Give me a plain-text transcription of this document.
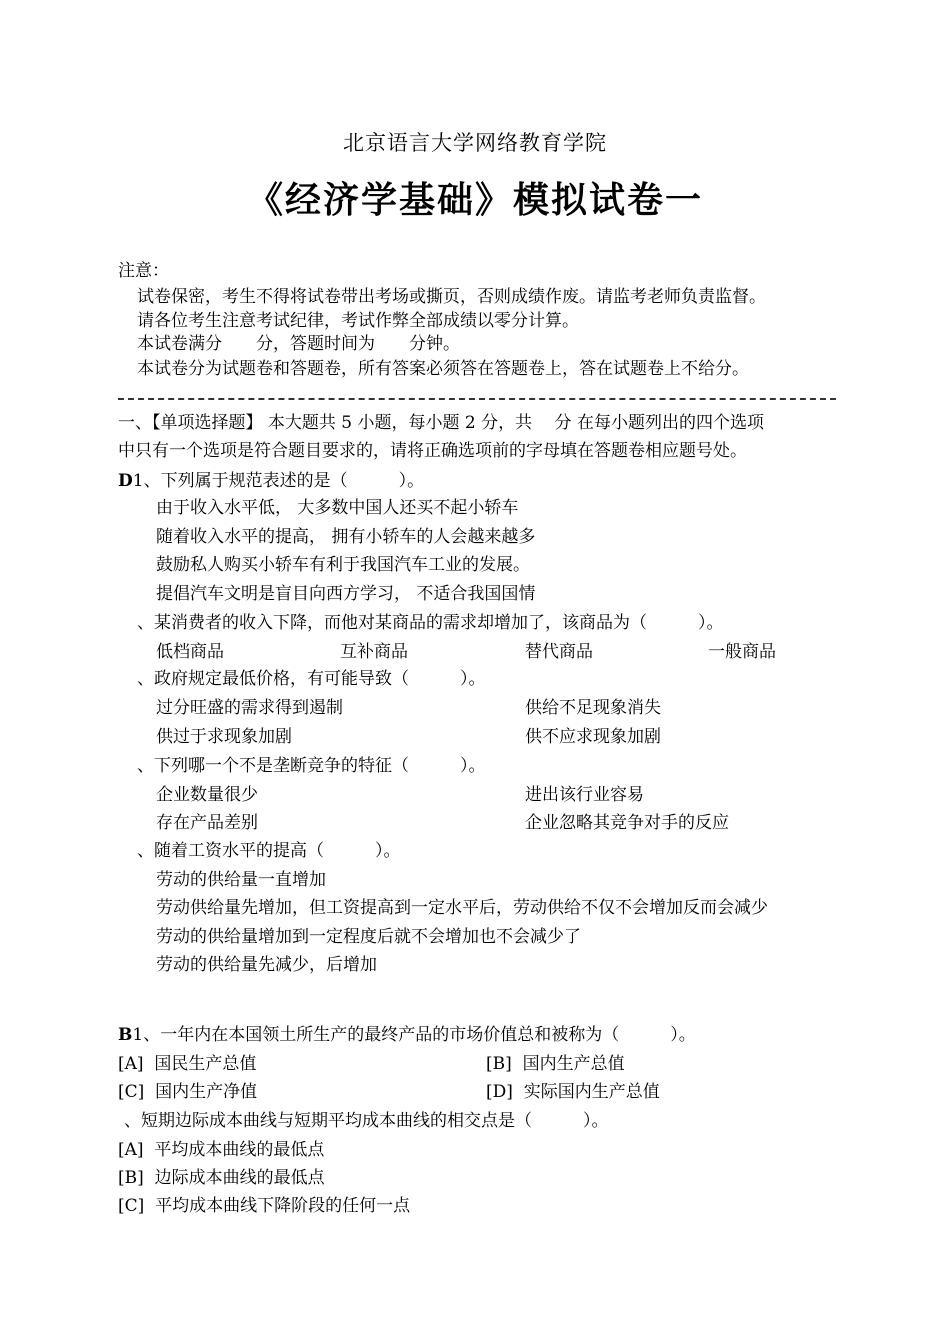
北京语言大学网络教育学院
《经济学基础》模拟试卷一
注意：
试卷保密，考生不得将试卷带出考场或撕页，否则成绩作废。请监考老师负责监督。
请各位考生注意考试纪律，考试作弊全部成绩以零分计算。
本试卷满分　　分，答题时间为　　分钟。
本试卷分为试题卷和答题卷，所有答案必须答在答题卷上，答在试题卷上不给分。
一、【单项选择题】 本大题共 5 小题，每小题 2 分，共　 分 在每小题列出的四个选项
中只有一个选项是符合题目要求的，请将正确选项前的字母填在答题卷相应题号处。
D1、下列属于规范表述的是（　　　）。
由于收入水平低， 大多数中国人还买不起小轿车
随着收入水平的提高， 拥有小轿车的人会越来越多
鼓励私人购买小轿车有利于我国汽车工业的发展。
提倡汽车文明是盲目向西方学习， 不适合我国国情
、某消费者的收入下降，而他对某商品的需求却增加了，该商品为（　　　）。
低档商品	互补商品	替代商品	一般商品
、政府规定最低价格，有可能导致（　　　）。
过分旺盛的需求得到遏制	供给不足现象消失
供过于求现象加剧	供不应求现象加剧
、下列哪一个不是垄断竞争的特征（　　　）。
企业数量很少	进出该行业容易
存在产品差别	企业忽略其竞争对手的反应
、随着工资水平的提高（　　　）。
劳动的供给量一直增加
劳动供给量先增加，但工资提高到一定水平后，劳动供给不仅不会增加反而会减少
劳动的供给量增加到一定程度后就不会增加也不会减少了
劳动的供给量先减少，后增加
B1、一年内在本国领土所生产的最终产品的市场价值总和被称为（　　　）。
[A] 国民生产总值	[B] 国内生产总值
[C] 国内生产净值	[D] 实际国内生产总值
、短期边际成本曲线与短期平均成本曲线的相交点是（　　　）。
[A] 平均成本曲线的最低点
[B] 边际成本曲线的最低点
[C] 平均成本曲线下降阶段的任何一点
